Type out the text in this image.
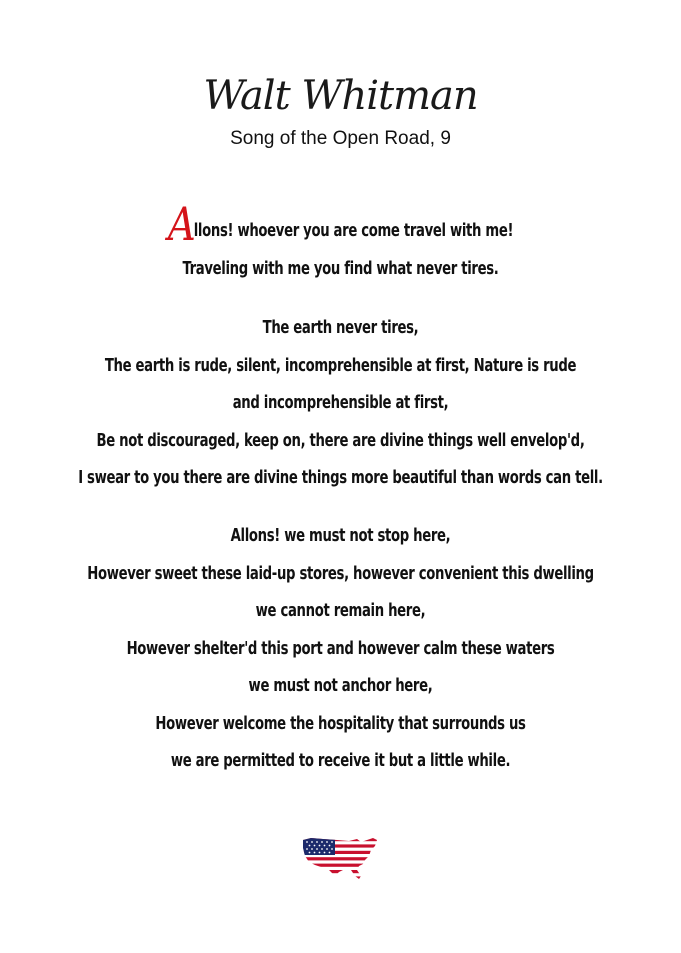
Walt Whitman
Song of the Open Road, 9
Allons! whoever you are come travel with me!
Traveling with me you find what never tires.
The earth never tires,
The earth is rude, silent, incomprehensible at first, Nature is rude
and incomprehensible at first,
Be not discouraged, keep on, there are divine things well envelop'd,
I swear to you there are divine things more beautiful than words can tell.
Allons! we must not stop here,
However sweet these laid-up stores, however convenient this dwelling
we cannot remain here,
However shelter'd this port and however calm these waters
we must not anchor here,
However welcome the hospitality that surrounds us
we are permitted to receive it but a little while.
